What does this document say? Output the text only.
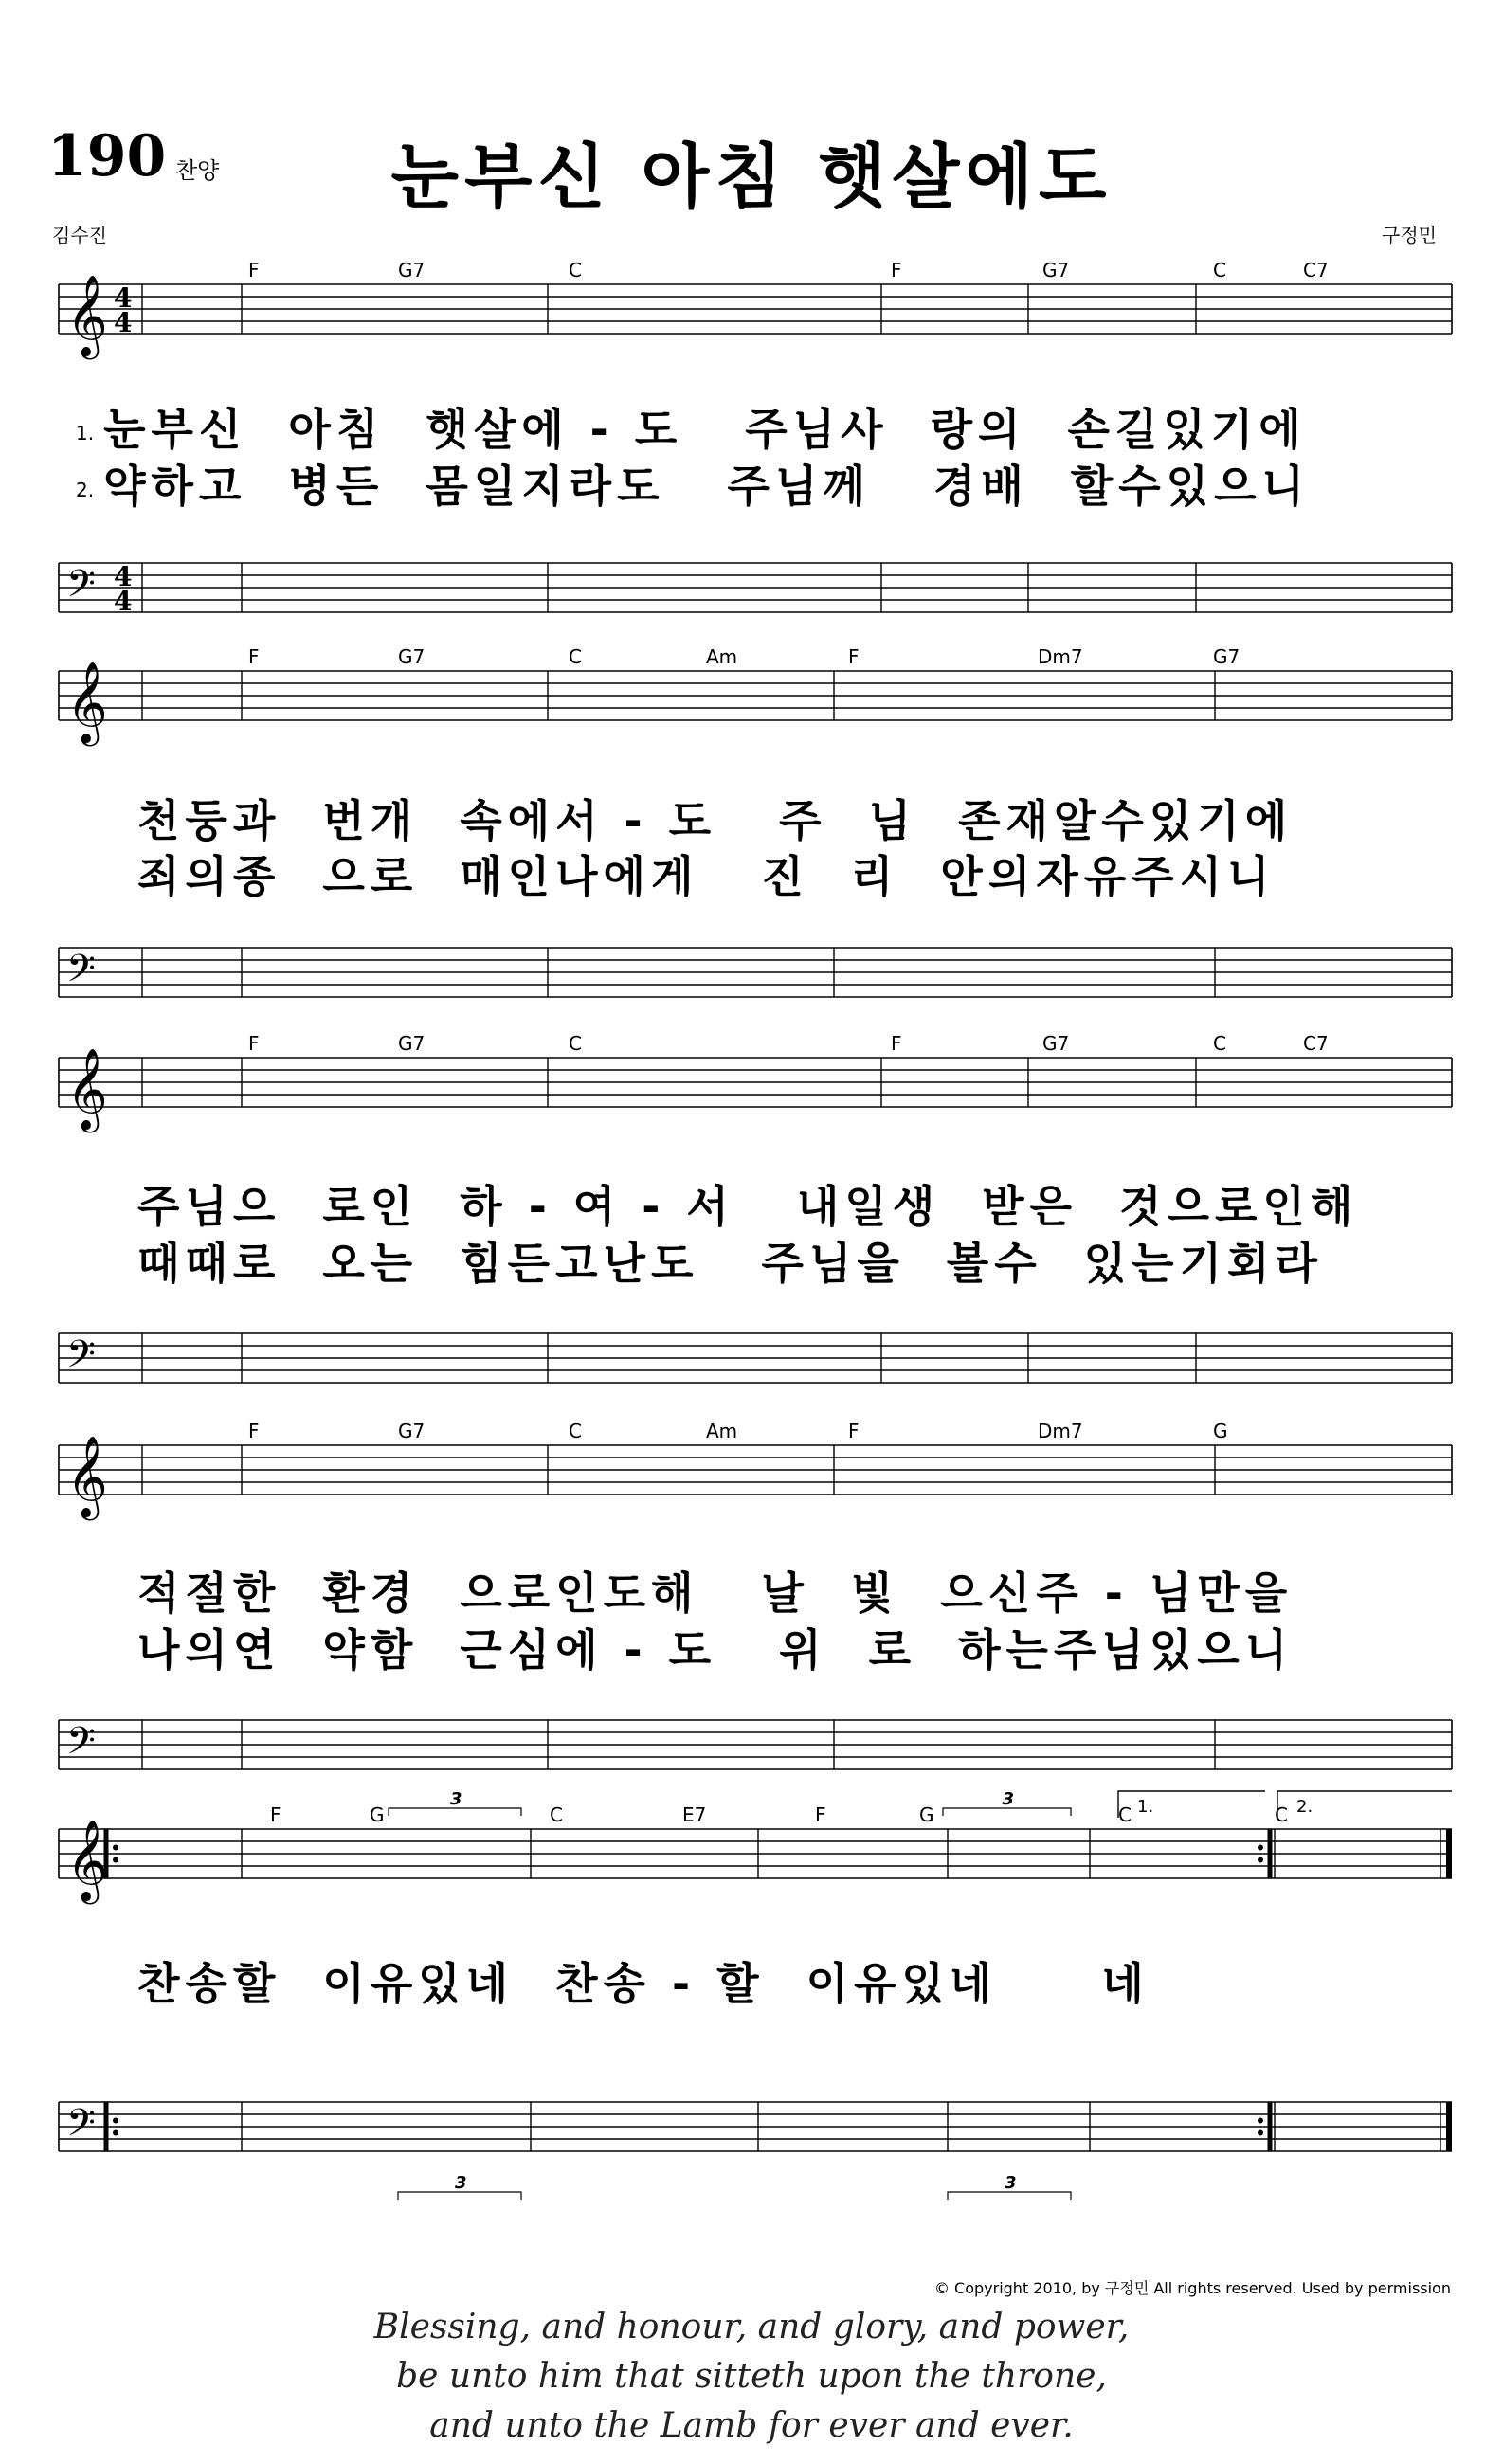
190 찬양	눈부신 아침 햇살에도
김수진	구정민
𝄞 4
4
𝄞
𝄞
𝄞
𝄞
𝄢 4
4
𝄢
𝄢
𝄢
𝄢
F	G7	C	F	G7	C	C7
F	G7	C	Am	F	Dm7	G7
F	G7	C	F	G7	C	C7
F	G7	C	Am	F	Dm7	G
F	G	C	E7	F	G	C	C
1.	2.
3	3
3	3
1. 눈부신  아침  햇살에 - 도   주님사  랑의  손길있기에
2. 약하고  병든  몸일지라도   주님께   경배  할수있으니
천둥과  번개  속에서 - 도   주  님  존재알수있기에
죄의종  으로  매인나에게   진  리  안의자유주시니
주님으  로인  하 - 여 - 서   내일생  받은  것으로인해
때때로  오는  힘든고난도   주님을  볼수  있는기회라
적절한  환경  으로인도해   날  빛  으신주 - 님만을
나의연  약함  근심에 - 도   위  로  하는주님있으니
찬송할  이유있네  찬송 - 할  이유있네     네
© Copyright 2010, by 구정민 All rights reserved. Used by permission
Blessing, and honour, and glory, and power,
be unto him that sitteth upon the throne,
and unto the Lamb for ever and ever.
